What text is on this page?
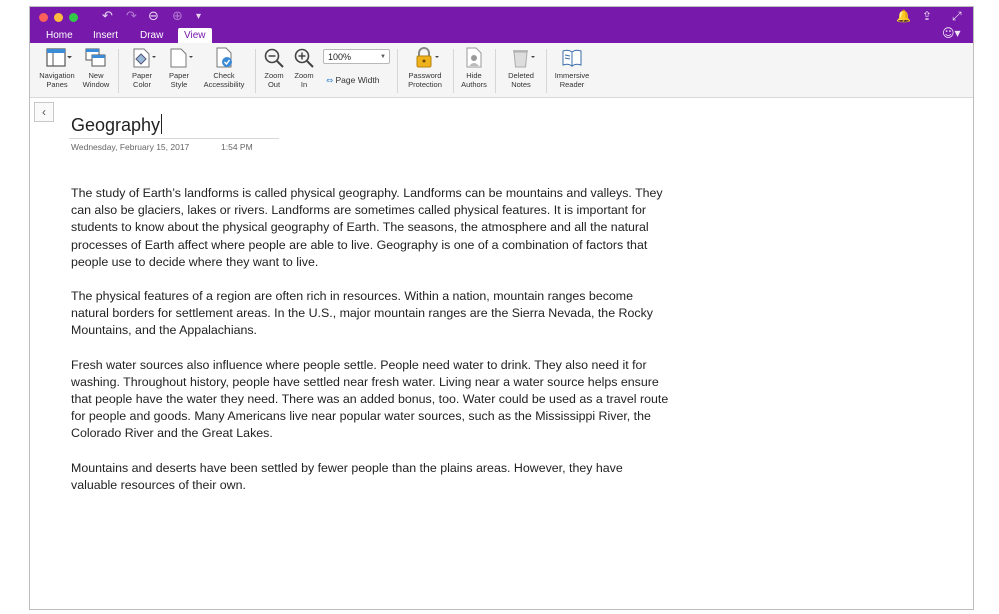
↶ ↷ ⊖ ⊕ ▾	🔔 ⇪ ⤢
☺▾
Home	Insert	Draw	View
Navigation
Panes
New
Window
Paper
Color
Paper
Style
Check
Accessibility
Zoom
Out
Zoom
In
100%	▼
⇔ Page Width	Password
Protection
Hide
Authors
Deleted
Notes
Immersive
Reader
‹
Geography
Wednesday, February 15, 2017	1:54 PM

The study of Earth’s landforms is called physical geography. Landforms can be mountains and valleys. They can also be glaciers, lakes or rivers. Landforms are sometimes called physical features. It is important for students to know about the physical geography of Earth. The seasons, the atmosphere and all the natural processes of Earth affect where people are able to live. Geography is one of a combination of factors that people use to decide where they want to live.

The physical features of a region are often rich in resources. Within a nation, mountain ranges become natural borders for settlement areas. In the U.S., major mountain ranges are the Sierra Nevada, the Rocky Mountains, and the Appalachians.

Fresh water sources also influence where people settle. People need water to drink. They also need it for washing. Throughout history, people have settled near fresh water. Living near a water source helps ensure that people have the water they need. There was an added bonus, too. Water could be used as a travel route for people and goods. Many Americans live near popular water sources, such as the Mississippi River, the Colorado River and the Great Lakes.

Mountains and deserts have been settled by fewer people than the plains areas. However, they have valuable resources of their own.
